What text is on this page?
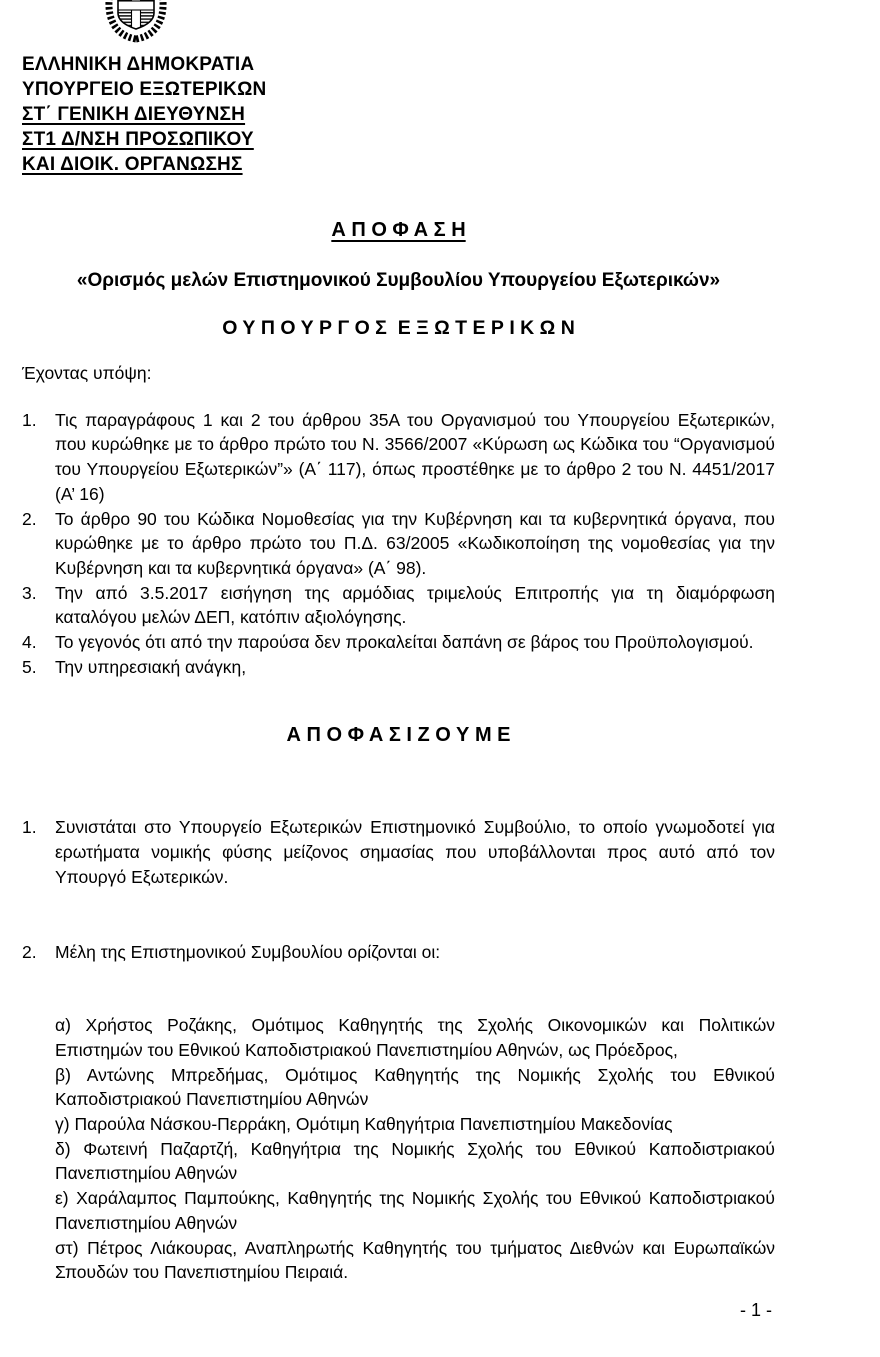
ΕΛΛΗΝΙΚΗ ΔΗΜΟΚΡΑΤΙΑ
ΥΠΟΥΡΓΕΙΟ ΕΞΩΤΕΡΙΚΩΝ
ΣΤ΄ ΓΕΝΙΚΗ ΔΙΕΥΘΥΝΣΗ
ΣΤ1 Δ/ΝΣΗ ΠΡΟΣΩΠΙΚΟΥ
ΚΑΙ ΔΙΟΙΚ. ΟΡΓΑΝΩΣΗΣ
Α Π Ο Φ Α Σ Η

«Ορισμός μελών Επιστημονικού Συμβουλίου Υπουργείου Εξωτερικών»

Ο Υ Π Ο Υ Ρ Γ Ο Σ  Ε Ξ Ω Τ Ε Ρ Ι Κ Ω Ν

Έχοντας υπόψη:

1.	Τις παραγράφους 1 και 2 του άρθρου 35Α του Οργανισμού του Υπουργείου Εξωτερικών, που κυρώθηκε με το άρθρο πρώτο του Ν. 3566/2007 «Κύρωση ως Κώδικα του “Οργανισμού του Υπουργείου Εξωτερικών”» (Α΄ 117), όπως προστέθηκε με το άρθρο 2 του Ν. 4451/2017 (Α’ 16)
2.	Το άρθρο 90 του Κώδικα Νομοθεσίας για την Κυβέρνηση και τα κυβερνητικά όργανα, που κυρώθηκε με το άρθρο πρώτο του Π.Δ. 63/2005 «Κωδικοποίηση της νομοθεσίας για την Κυβέρνηση και τα κυβερνητικά όργανα» (Α΄ 98).
3.	Την από 3.5.2017 εισήγηση της αρμόδιας τριμελούς Επιτροπής για τη διαμόρφωση καταλόγου μελών ΔΕΠ, κατόπιν αξιολόγησης.
4.	Το γεγονός ότι από την παρούσα δεν προκαλείται δαπάνη σε βάρος του Προϋπολογισμού.
5.	Την υπηρεσιακή ανάγκη,
Α Π Ο Φ Α Σ Ι Ζ Ο Υ Μ Ε
1.	Συνιστάται στο Υπουργείο Εξωτερικών Επιστημονικό Συμβούλιο, το οποίο γνωμοδοτεί για ερωτήματα νομικής φύσης μείζονος σημασίας που υποβάλλονται προς αυτό από τον Υπουργό Εξωτερικών.
2.	Μέλη της Επιστημονικού Συμβουλίου ορίζονται οι:

α) Χρήστος Ροζάκης, Ομότιμος Καθηγητής της Σχολής Οικονομικών και Πολιτικών Επιστημών του Εθνικού Καποδιστριακού Πανεπιστημίου Αθηνών, ως Πρόεδρος,

β) Αντώνης Μπρεδήμας, Ομότιμος Καθηγητής της Νομικής Σχολής του Εθνικού Καποδιστριακού Πανεπιστημίου Αθηνών

γ) Παρούλα Νάσκου-Περράκη, Ομότιμη Καθηγήτρια Πανεπιστημίου Μακεδονίας

δ) Φωτεινή Παζαρτζή, Καθηγήτρια της Νομικής Σχολής του Εθνικού Καποδιστριακού Πανεπιστημίου Αθηνών

ε) Χαράλαμπος Παμπούκης, Καθηγητής της Νομικής Σχολής του Εθνικού Καποδιστριακού Πανεπιστημίου Αθηνών

στ) Πέτρος Λιάκουρας, Αναπληρωτής Καθηγητής του τμήματος Διεθνών και Ευρωπαϊκών Σπουδών του Πανεπιστημίου Πειραιά.

- 1 -
